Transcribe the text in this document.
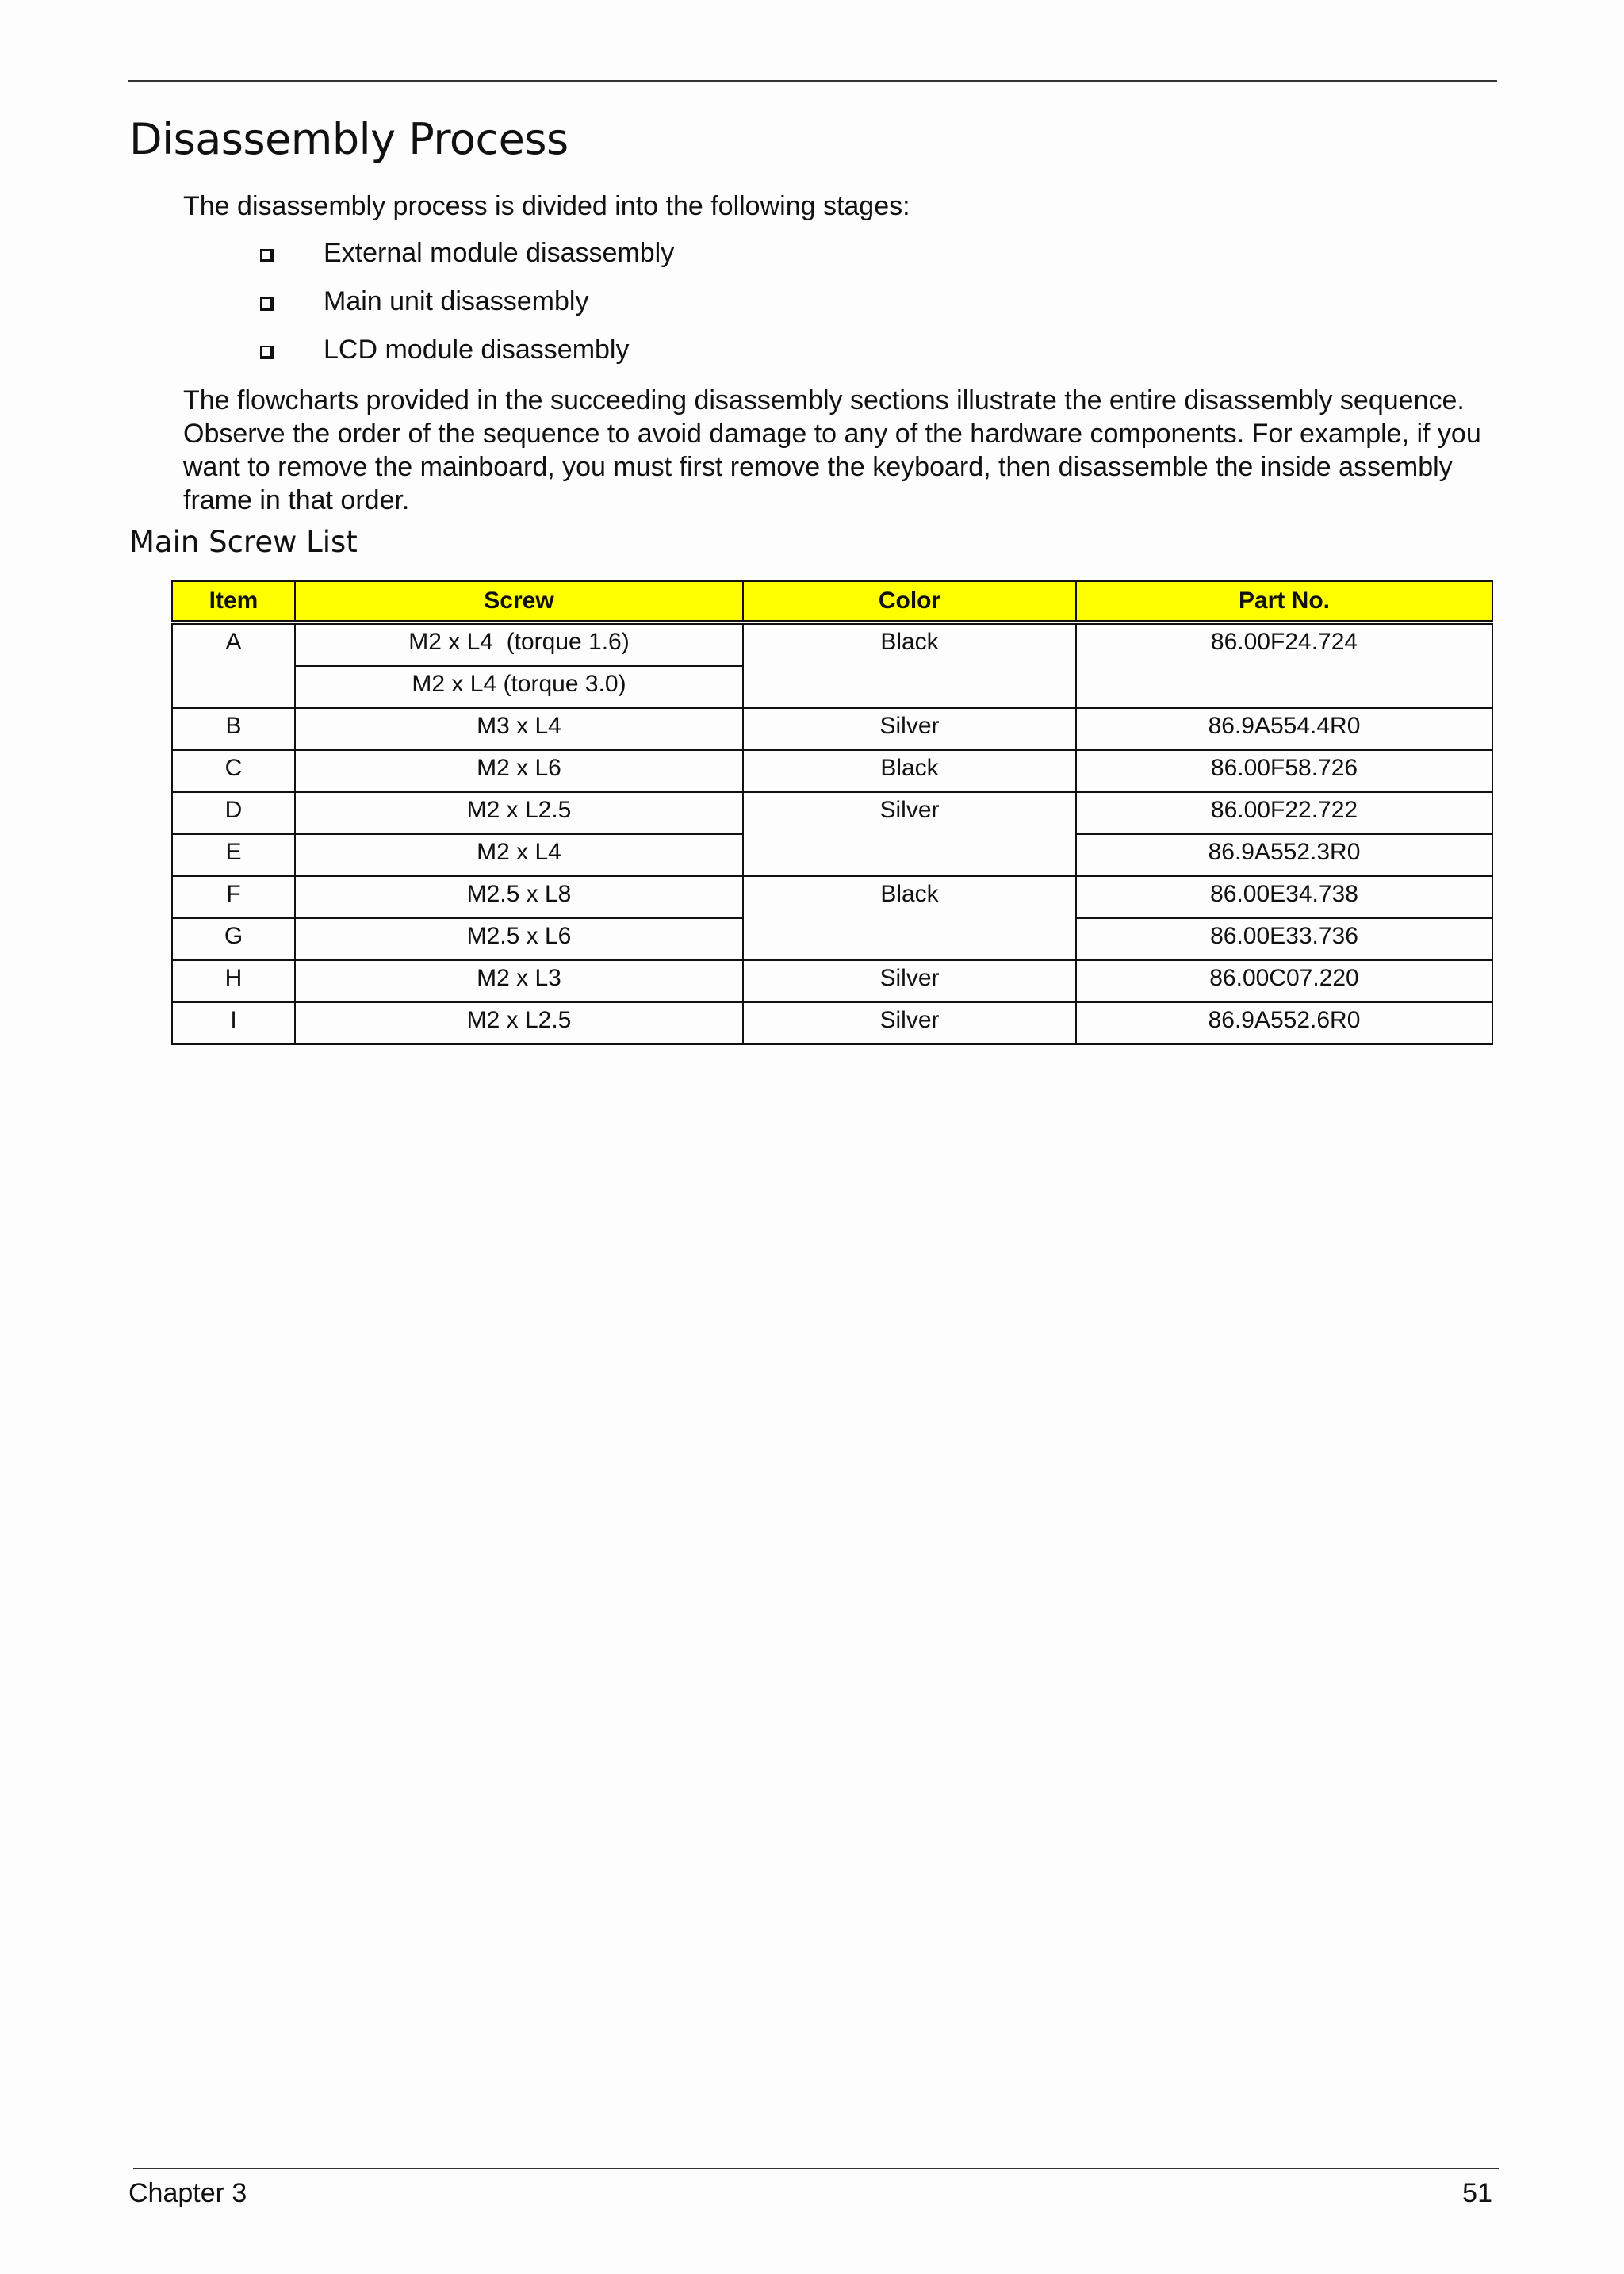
Disassembly Process
The disassembly process is divided into the following stages:
External module disassembly
Main unit disassembly
LCD module disassembly

The flowcharts provided in the succeeding disassembly sections illustrate the entire disassembly sequence. Observe the order of the sequence to avoid damage to any of the hardware components. For example, if you want to remove the mainboard, you must first remove the keyboard, then disassemble the inside assembly frame in that order.

Main Screw List
Item	Screw	Color	Part No.
A	M2 x L4  (torque 1.6)	Black	86.00F24.724
	M2 x L4 (torque 3.0)		
B	M3 x L4	Silver	86.9A554.4R0
C	M2 x L6	Black	86.00F58.726
D	M2 x L2.5	Silver	86.00F22.722
E	M2 x L4		86.9A552.3R0
F	M2.5 x L8	Black	86.00E34.738
G	M2.5 x L6		86.00E33.736
H	M2 x L3	Silver	86.00C07.220
I	M2 x L2.5	Silver	86.9A552.6R0
Chapter 3	51
